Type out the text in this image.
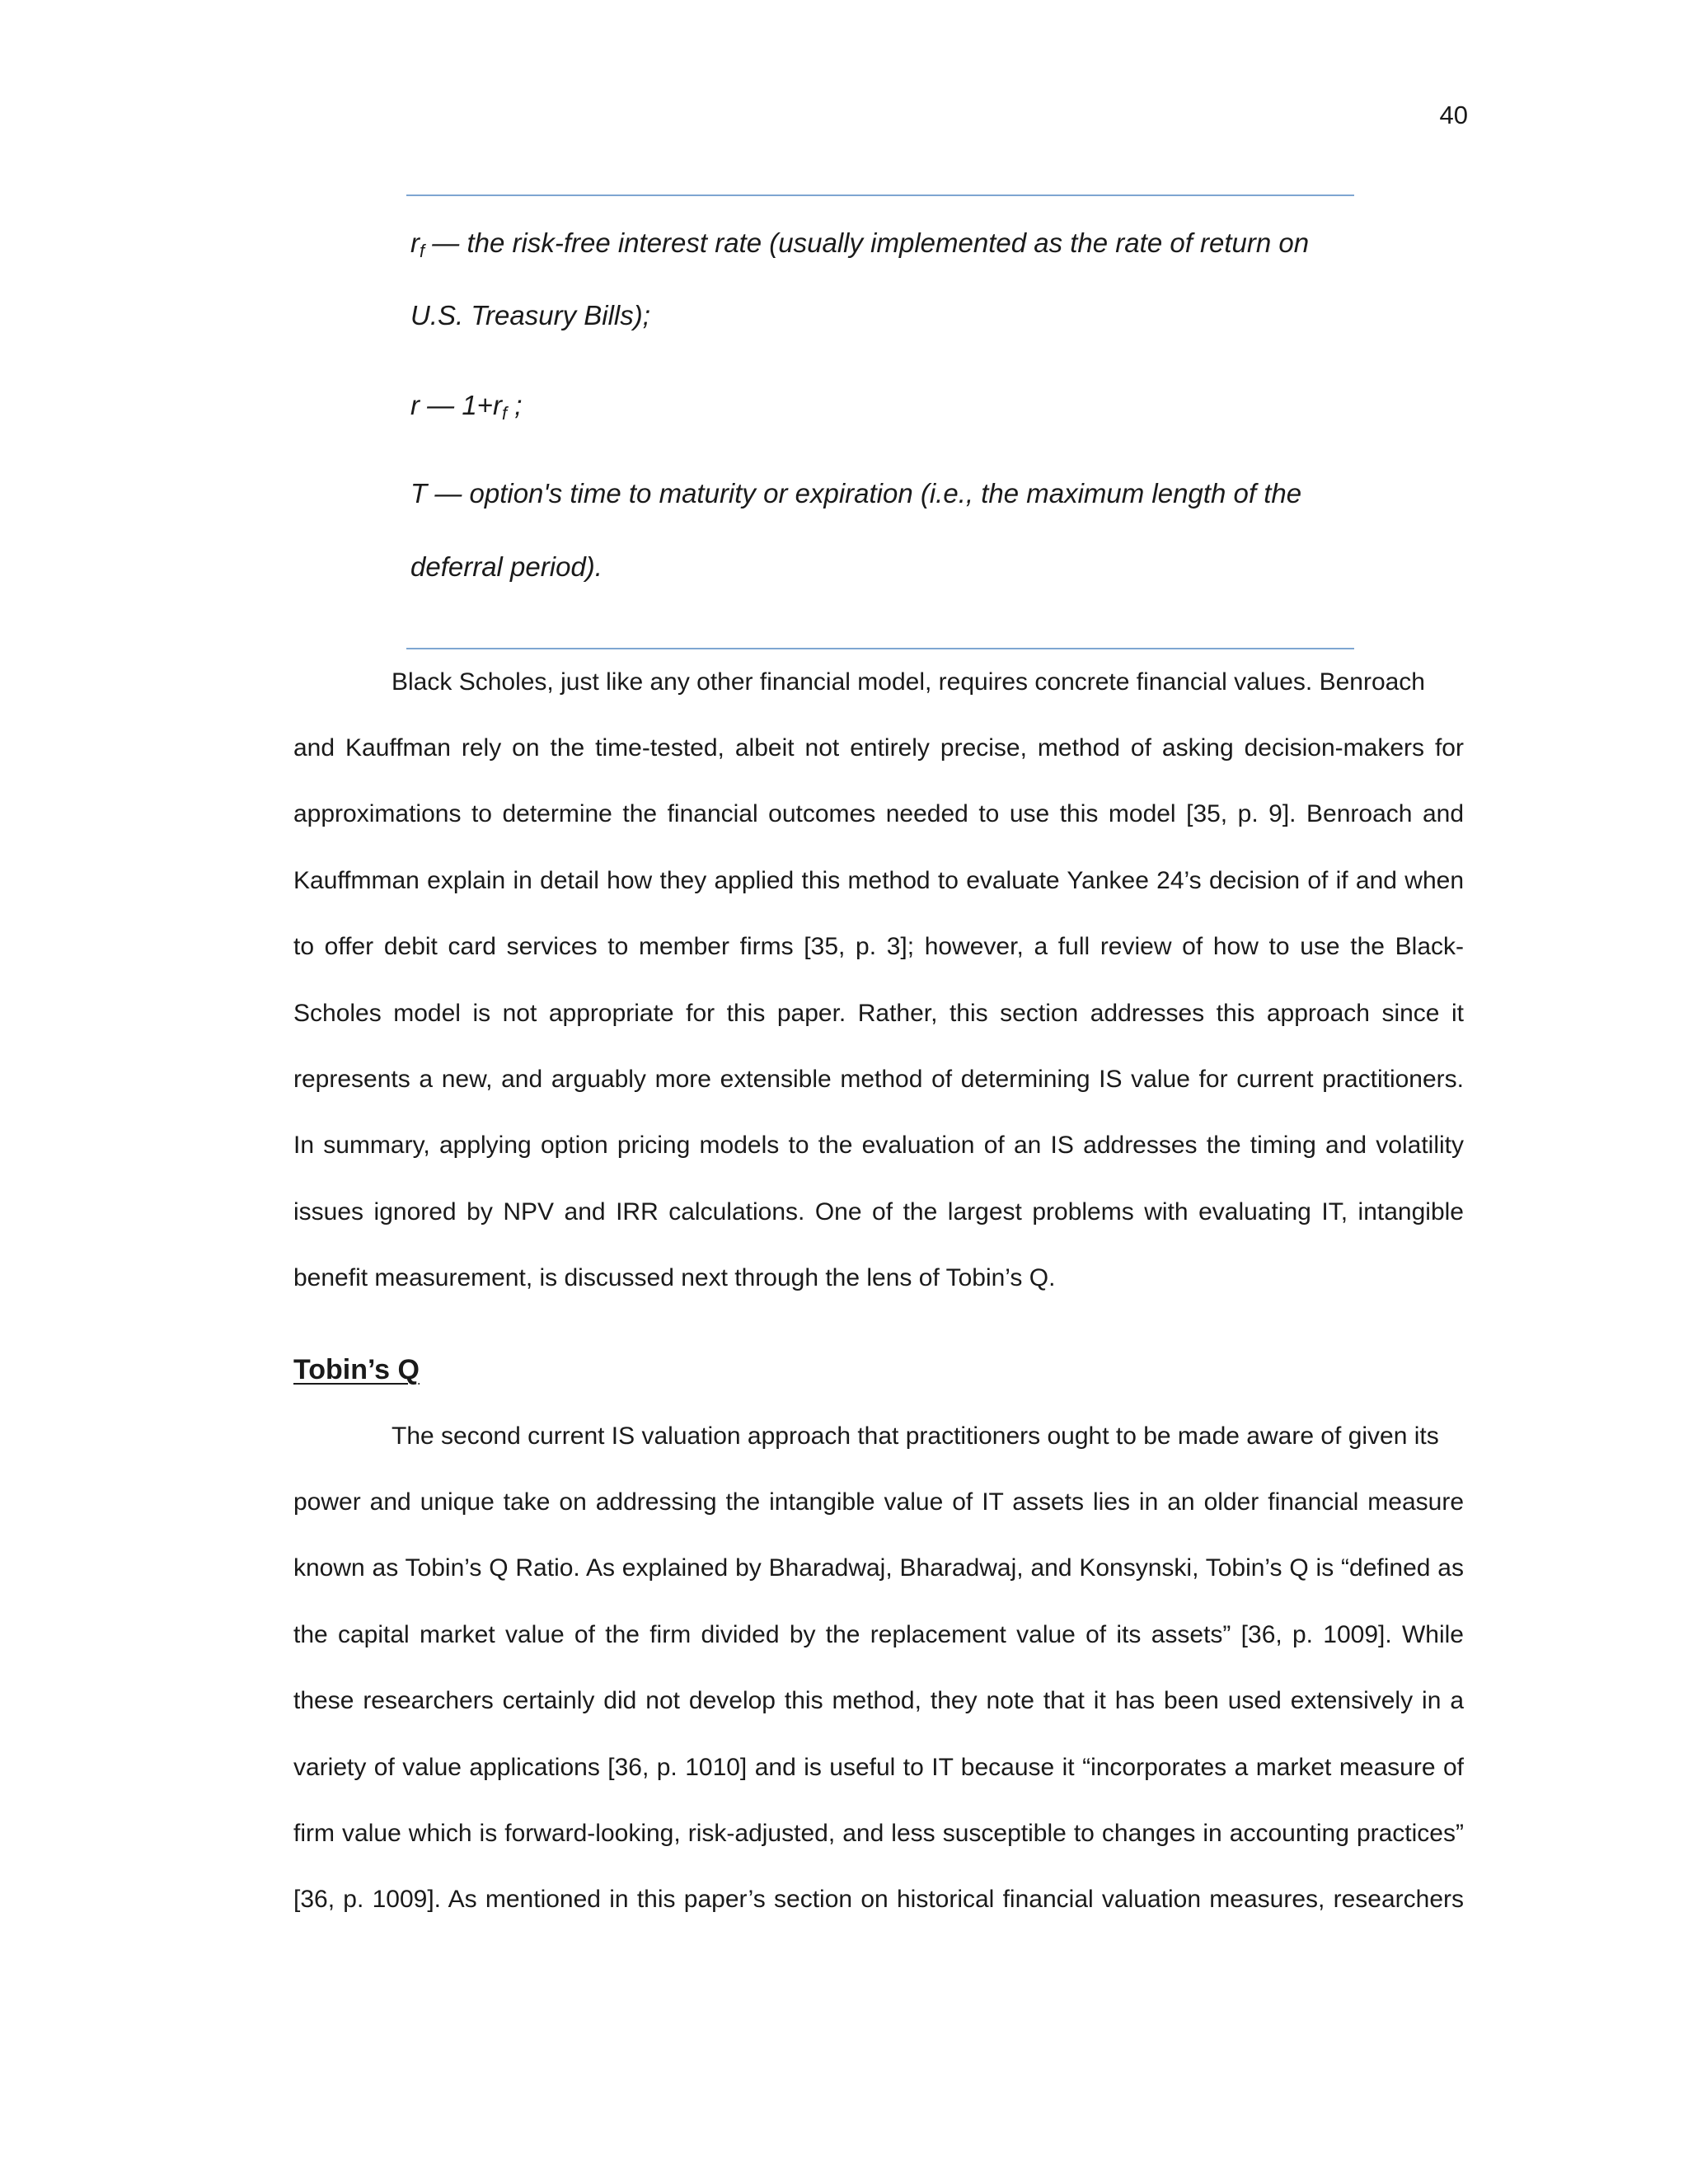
40
$r_f$ — the risk-free interest rate (usually implemented as the rate of return on
U.S. Treasury Bills);
r — $1+r_f$ ;
T — option's time to maturity or expiration (i.e., the maximum length of the
deferral period).
Black Scholes, just like any other financial model, requires concrete financial values. Benroach
and Kauffman rely on the time-tested, albeit not entirely precise, method of asking decision-makers for
approximations to determine the financial outcomes needed to use this model [35, p. 9]. Benroach and
Kauffmman explain in detail how they applied this method to evaluate Yankee 24’s decision of if and when
to offer debit card services to member firms [35, p. 3]; however, a full review of how to use the Black-
Scholes model is not appropriate for this paper. Rather, this section addresses this approach since it
represents a new, and arguably more extensible method of determining IS value for current practitioners.
In summary, applying option pricing models to the evaluation of an IS addresses the timing and volatility
issues ignored by NPV and IRR calculations. One of the largest problems with evaluating IT, intangible
benefit measurement, is discussed next through the lens of Tobin’s Q.
Tobin’s Q
The second current IS valuation approach that practitioners ought to be made aware of given its
power and unique take on addressing the intangible value of IT assets lies in an older financial measure
known as Tobin’s Q Ratio. As explained by Bharadwaj, Bharadwaj, and Konsynski, Tobin’s Q is “defined as
the capital market value of the firm divided by the replacement value of its assets” [36, p. 1009]. While
these researchers certainly did not develop this method, they note that it has been used extensively in a
variety of value applications [36, p. 1010] and is useful to IT because it “incorporates a market measure of
firm value which is forward-looking, risk-adjusted, and less susceptible to changes in accounting practices”
[36, p. 1009]. As mentioned in this paper’s section on historical financial valuation measures, researchers
